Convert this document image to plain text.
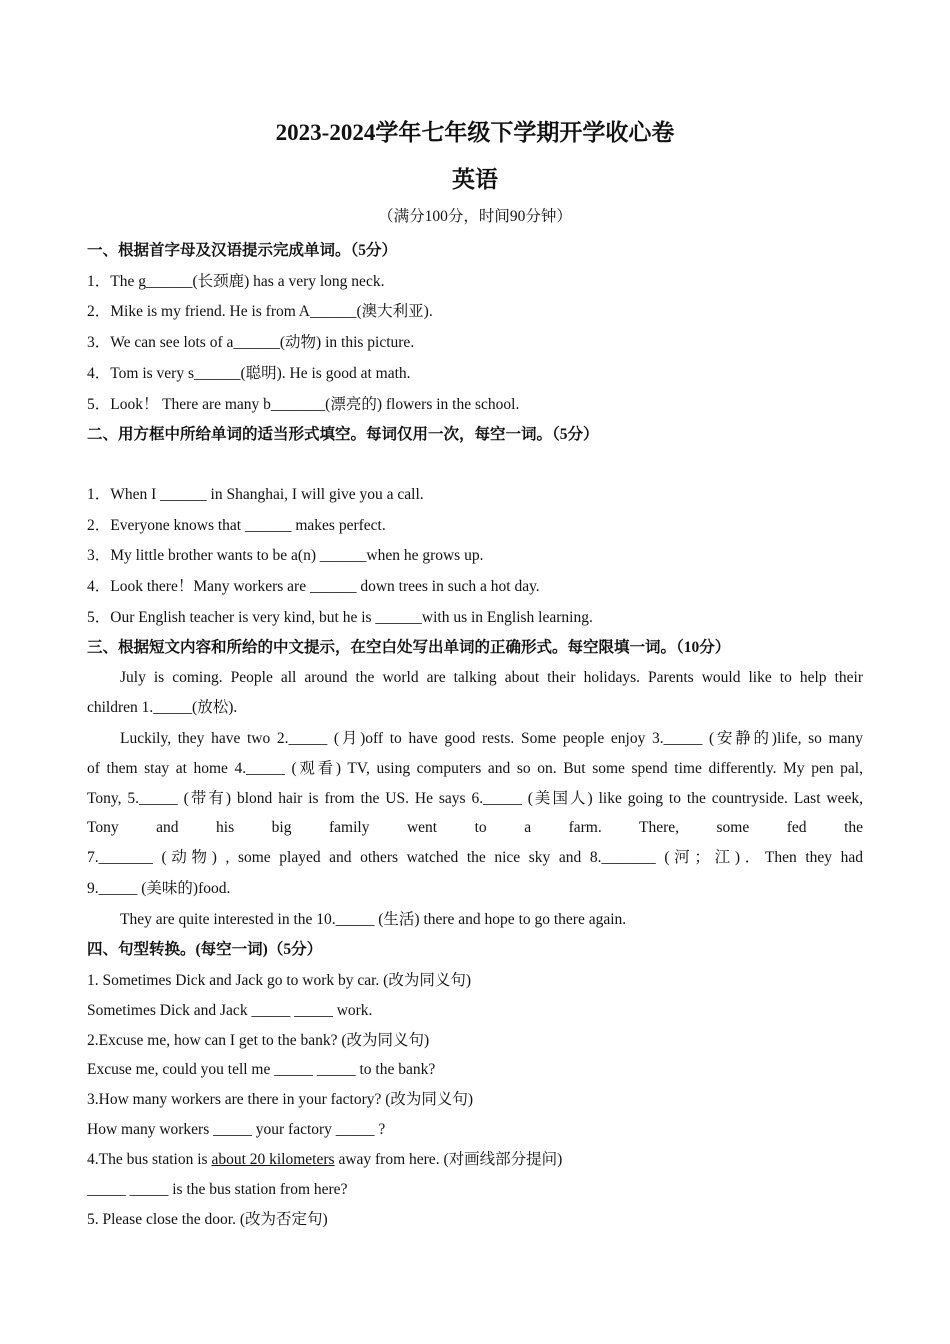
2023-2024学年七年级下学期开学收心卷
英语
（满分100分，时间90分钟）
一、根据首字母及汉语提示完成单词。（5分）
1．The g______(长颈鹿) has a very long neck.
2．Mike is my friend. He is from A______(澳大利亚).
3．We can see lots of a______(动物) in this picture.
4．Tom is very s______(聪明). He is good at math.
5．Look！ There are many b_______(漂亮的) flowers in the school.
二、用方框中所给单词的适当形式填空。每词仅用一次，每空一词。（5分）
1．When I ______ in Shanghai, I will give you a call.
2．Everyone knows that ______ makes perfect.
3．My little brother wants to be a(n) ______when he grows up.
4．Look there！Many workers are ______ down trees in such a hot day.
5．Our English teacher is very kind, but he is ______with us in English learning.
三、根据短文内容和所给的中文提示，在空白处写出单词的正确形式。每空限填一词。（10分）
July is coming. People all around the world are talking about their holidays. Parents would like to help their
children 1._____(放松).
Luckily, they have two 2._____ (月)off to have good rests. Some people enjoy 3._____ (安静的)life, so many
of them stay at home 4._____ (观看) TV, using computers and so on. But some spend time differently. My pen pal,
Tony, 5._____ (带有) blond hair is from the US. He says 6._____ (美国人) like going to the countryside. Last week,
Tony and his big family went to a farm. There, some fed the
7._______ (动物) , some played and others watched the nice sky and 8._______ (河；江)．Then they had
9._____ (美味的)food.
They are quite interested in the 10._____ (生活) there and hope to go there again.
四、句型转换。(每空一词)（5分）
1. Sometimes Dick and Jack go to work by car. (改为同义句)
Sometimes Dick and Jack _____ _____ work.
2.Excuse me, how can I get to the bank? (改为同义句)
Excuse me, could you tell me _____ _____ to the bank?
3.How many workers are there in your factory? (改为同义句)
How many workers _____ your factory _____ ?
4.The bus station is about 20 kilometers away from here. (对画线部分提问)
_____ _____ is the bus station from here?
5. Please close the door. (改为否定句)
